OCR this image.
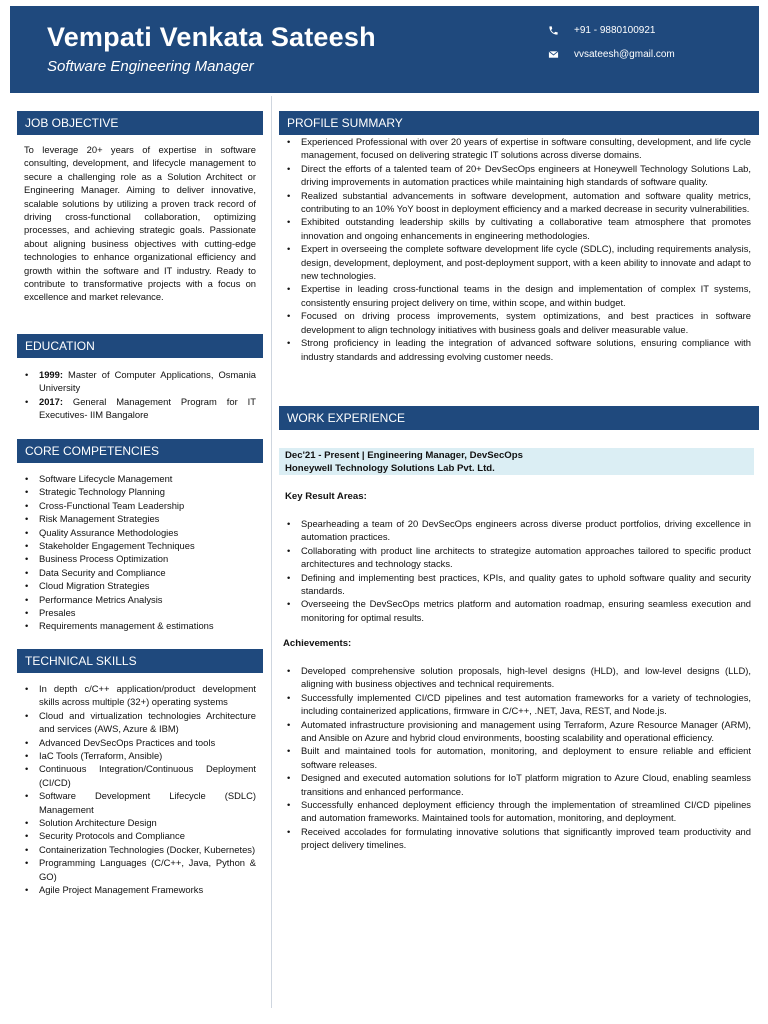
Vempati Venkata Sateesh
Software Engineering Manager
+91 - 9880100921
vvsateesh@gmail.com
JOB OBJECTIVE
To leverage 20+ years of expertise in software consulting, development, and lifecycle management to secure a challenging role as a Solution Architect or Engineering Manager. Aiming to deliver innovative, scalable solutions by utilizing a proven track record of driving cross-functional collaboration, optimizing processes, and achieving strategic goals. Passionate about aligning business objectives with cutting-edge technologies to enhance organizational efficiency and growth within the software and IT industry. Ready to contribute to transformative projects with a focus on excellence and market relevance.
EDUCATION
• 1999: Master of Computer Applications, Osmania University
• 2017: General Management Program for IT Executives- IIM Bangalore
CORE COMPETENCIES
• Software Lifecycle Management
• Strategic Technology Planning
• Cross-Functional Team Leadership
• Risk Management Strategies
• Quality Assurance Methodologies
• Stakeholder Engagement Techniques
• Business Process Optimization
• Data Security and Compliance
• Cloud Migration Strategies
• Performance Metrics Analysis
• Presales
• Requirements management & estimations
TECHNICAL SKILLS
• In depth c/C++ application/product development skills across multiple (32+) operating systems
• Cloud and virtualization technologies Architecture and services (AWS, Azure & IBM)
• Advanced DevSecOps Practices and tools
• IaC Tools (Terraform, Ansible)
• Continuous Integration/Continuous Deployment (CI/CD)
• Software Development Lifecycle (SDLC) Management
• Solution Architecture Design
• Security Protocols and Compliance
• Containerization Technologies (Docker, Kubernetes)
• Programming Languages (C/C++, Java, Python & GO)
• Agile Project Management Frameworks
PROFILE SUMMARY
• Experienced Professional with over 20 years of expertise in software consulting, development, and life cycle management, focused on delivering strategic IT solutions across diverse domains.
• Direct the efforts of a talented team of 20+ DevSecOps engineers at Honeywell Technology Solutions Lab, driving improvements in automation practices while maintaining high standards of software quality.
• Realized substantial advancements in software development, automation and software quality metrics, contributing to an 10% YoY boost in deployment efficiency and a marked decrease in security vulnerabilities.
• Exhibited outstanding leadership skills by cultivating a collaborative team atmosphere that promotes innovation and ongoing enhancements in engineering methodologies.
• Expert in overseeing the complete software development life cycle (SDLC), including requirements analysis, design, development, deployment, and post-deployment support, with a keen ability to innovate and adapt to new technologies.
• Expertise in leading cross-functional teams in the design and implementation of complex IT systems, consistently ensuring project delivery on time, within scope, and within budget.
• Focused on driving process improvements, system optimizations, and best practices in software development to align technology initiatives with business goals and deliver measurable value.
• Strong proficiency in leading the integration of advanced software solutions, ensuring compliance with industry standards and addressing evolving customer needs.
WORK EXPERIENCE
Dec'21 - Present | Engineering Manager, DevSecOps
Honeywell Technology Solutions Lab Pvt. Ltd.
Key Result Areas:
• Spearheading a team of 20 DevSecOps engineers across diverse product portfolios, driving excellence in automation practices.
• Collaborating with product line architects to strategize automation approaches tailored to specific product architectures and technology stacks.
• Defining and implementing best practices, KPIs, and quality gates to uphold software quality and security standards.
• Overseeing the DevSecOps metrics platform and automation roadmap, ensuring seamless execution and monitoring for optimal results.
Achievements:
• Developed comprehensive solution proposals, high-level designs (HLD), and low-level designs (LLD), aligning with business objectives and technical requirements.
• Successfully implemented CI/CD pipelines and test automation frameworks for a variety of technologies, including containerized applications, firmware in C/C++, .NET, Java, REST, and Node.js.
• Automated infrastructure provisioning and management using Terraform, Azure Resource Manager (ARM), and Ansible on Azure and hybrid cloud environments, boosting scalability and operational efficiency.
• Built and maintained tools for automation, monitoring, and deployment to ensure reliable and efficient software releases.
• Designed and executed automation solutions for IoT platform migration to Azure Cloud, enabling seamless transitions and enhanced performance.
• Successfully enhanced deployment efficiency through the implementation of streamlined CI/CD pipelines and automation frameworks. Maintained tools for automation, monitoring, and deployment.
• Received accolades for formulating innovative solutions that significantly improved team productivity and project delivery timelines.
